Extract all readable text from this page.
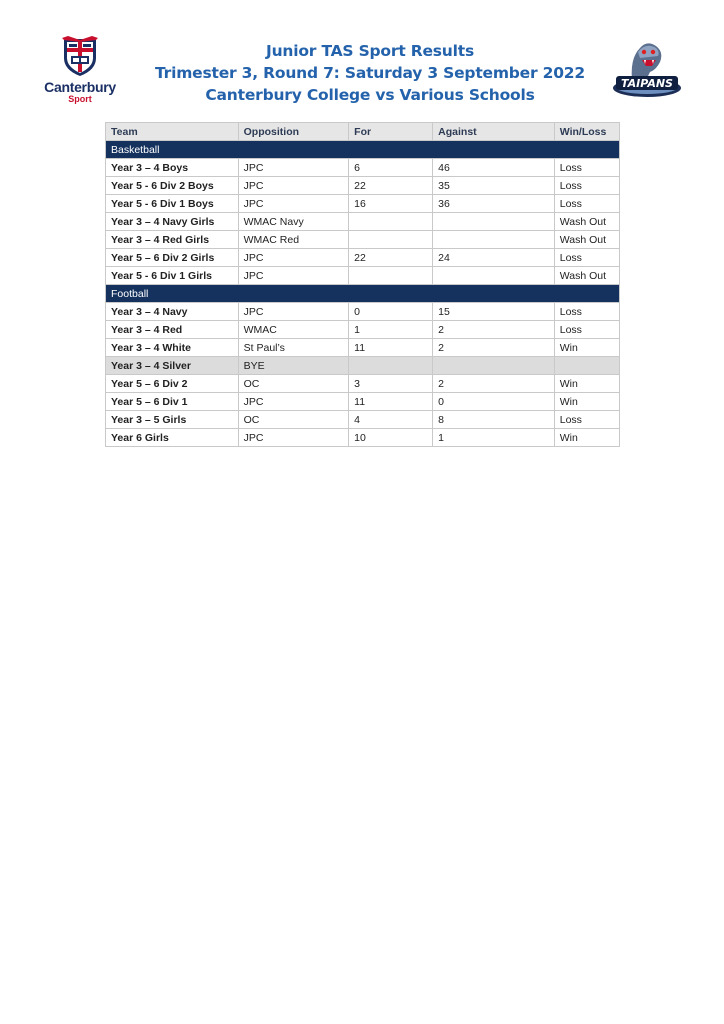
Canterbury
Sport
Junior TAS Sport Results
Trimester 3, Round 7: Saturday 3 September 2022
Canterbury College vs Various Schools
TAIPANS
Team	Opposition	For	Against	Win/Loss
Basketball				
Year 3 – 4 Boys	JPC	6	46	Loss
Year 5 - 6 Div 2 Boys	JPC	22	35	Loss
Year 5 - 6 Div 1 Boys	JPC	16	36	Loss
Year 3 – 4 Navy Girls	WMAC Navy			Wash Out
Year 3 – 4 Red Girls	WMAC Red			Wash Out
Year 5 – 6 Div 2 Girls	JPC	22	24	Loss
Year 5 - 6 Div 1 Girls	JPC			Wash Out
Football				
Year 3 – 4 Navy	JPC	0	15	Loss
Year 3 – 4 Red	WMAC	1	2	Loss
Year 3 – 4 White	St Paul’s	11	2	Win
Year 3 – 4 Silver	BYE			
Year 5 – 6 Div 2	OC	3	2	Win
Year 5 – 6 Div 1	JPC	11	0	Win
Year 3 – 5 Girls	OC	4	8	Loss
Year 6 Girls	JPC	10	1	Win
